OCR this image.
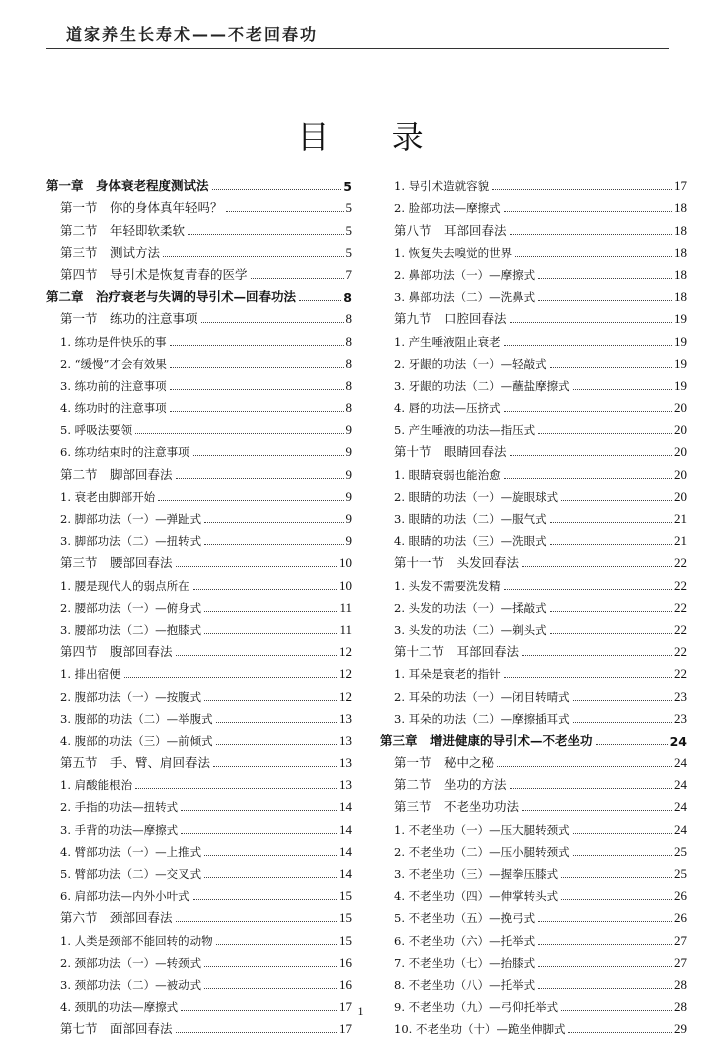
道家养生长寿术——不老回春功
目 录
第一章　身体衰老程度测试法	5
第一节　你的身体真年轻吗？	5
第二节　年轻即软柔软	5
第三节　测试方法	5
第四节　导引术是恢复青春的医学	7
第二章　治疗衰老与失调的导引术—回春功法	8
第一节　练功的注意事项	8
1. 练功是件快乐的事	8
2. “缓慢”才会有效果	8
3. 练功前的注意事项	8
4. 练功时的注意事项	8
5. 呼吸法要领	9
6. 练功结束时的注意事项	9
第二节　脚部回春法	9
1. 衰老由脚部开始	9
2. 脚部功法（一）—弹趾式	9
3. 脚部功法（二）—扭转式	9
第三节　腰部回春法	10
1. 腰是现代人的弱点所在	10
2. 腰部功法（一）—俯身式	11
3. 腰部功法（二）—抱膝式	11
第四节　腹部回春法	12
1. 排出宿便	12
2. 腹部功法（一）—按腹式	12
3. 腹部的功法（二）—举腹式	13
4. 腹部的功法（三）—前倾式	13
第五节　手、臂、肩回春法	13
1. 肩酸能根治	13
2. 手指的功法—扭转式	14
3. 手背的功法—摩擦式	14
4. 臂部功法（一）—上推式	14
5. 臂部功法（二）—交叉式	14
6. 肩部功法—内外小叶式	15
第六节　颈部回春法	15
1. 人类是颈部不能回转的动物	15
2. 颈部功法（一）—转颈式	16
3. 颈部功法（二）—被动式	16
4. 颈肌的功法—摩擦式	17
第七节　面部回春法	17
1. 导引术造就容貌	17
2. 脸部功法—摩擦式	18
第八节　耳部回春法	18
1. 恢复失去嗅觉的世界	18
2. 鼻部功法（一）—摩擦式	18
3. 鼻部功法（二）—洗鼻式	18
第九节　口腔回春法	19
1. 产生唾液阻止衰老	19
2. 牙龈的功法（一）—轻敲式	19
3. 牙龈的功法（二）—蘸盐摩擦式	19
4. 唇的功法—压挤式	20
5. 产生唾液的功法—指压式	20
第十节　眼睛回春法	20
1. 眼睛衰弱也能治愈	20
2. 眼睛的功法（一）—旋眼球式	20
3. 眼睛的功法（二）—服气式	21
4. 眼睛的功法（三）—洗眼式	21
第十一节　头发回春法	22
1. 头发不需要洗发精	22
2. 头发的功法（一）—揉敲式	22
3. 头发的功法（二）—剃头式	22
第十二节　耳部回春法	22
1. 耳朵是衰老的指针	22
2. 耳朵的功法（一）—闭目转晴式	23
3. 耳朵的功法（二）—摩擦插耳式	23
第三章　增进健康的导引术—不老坐功	24
第一节　秘中之秘	24
第二节　坐功的方法	24
第三节　不老坐功功法	24
1. 不老坐功（一）—压大腿转颈式	24
2. 不老坐功（二）—压小腿转颈式	25
3. 不老坐功（三）—握拳压膝式	25
4. 不老坐功（四）—伸掌转头式	26
5. 不老坐功（五）—挽弓式	26
6. 不老坐功（六）—托举式	27
7. 不老坐功（七）—抬膝式	27
8. 不老坐功（八）—托举式	28
9. 不老坐功（九）—弓仰托举式	28
10. 不老坐功（十）—跪坐伸脚式	29
1
